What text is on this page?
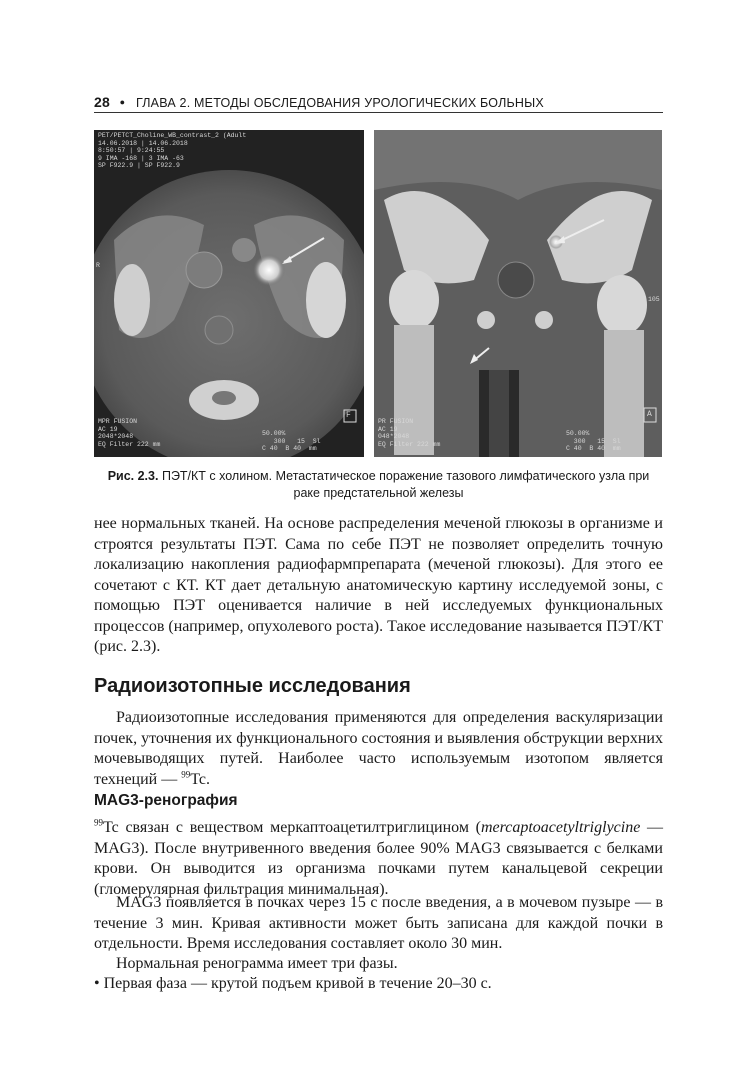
28 ● ГЛАВА 2. МЕТОДЫ ОБСЛЕДОВАНИЯ УРОЛОГИЧЕСКИХ БОЛЬНЫХ
PET/PETCT_Choline_WB_contrast_2 (Adult
14.06.2018 | 14.06.2018
8:50:57 | 9:24:55
9 IMA -168 | 3 IMA -63
SP F922.9 | SP F922.9
MPR FUSION
AC 19
2048*2048
EQ Filter 222 mm
50.00%
300   15  Sl
C 40  B 40  mm
R
F
PR FUSION
AC 19
048*2048
EQ Filter 222 mm
50.00%
300   15  Sl
C 40  B 40  mm
105
A
Рис. 2.3. ПЭТ/КТ с холином. Метастатическое поражение тазового лимфатического узла при раке предстательной железы

нее нормальных тканей. На основе распределения меченой глюкозы в организме и строятся результаты ПЭТ. Сама по себе ПЭТ не позволяет определить точную локализацию накопления радиофармпрепарата (меченой глюкозы). Для этого ее сочетают с КТ. КТ дает детальную анатомическую картину исследуемой зоны, с помощью ПЭТ оценивается наличие в ней исследуемых функциональных процессов (например, опухолевого роста). Такое исследование называется ПЭТ/КТ (рис. 2.3).

Радиоизотопные исследования

Радиоизотопные исследования применяются для определения васкуляризации почек, уточнения их функционального состояния и выявления обструкции верхних мочевыводящих путей. Наиболее часто используемым изотопом является технеций — $^{99}$Tc.

MAG3-ренография

$^{99}$Tc связан с веществом меркаптоацетилтриглицином (mercaptoacetyltriglycine — MAG3). После внутривенного введения более 90% MAG3 связывается с белками крови. Он выводится из организма почками путем канальцевой секреции (гломерулярная фильтрация минимальная).

MAG3 появляется в почках через 15 с после введения, а в мочевом пузыре — в течение 3 мин. Кривая активности может быть записана для каждой почки в отдельности. Время исследования составляет около 30 мин.

Нормальная ренограмма имеет три фазы.

• Первая фаза — крутой подъем кривой в течение 20–30 с.
